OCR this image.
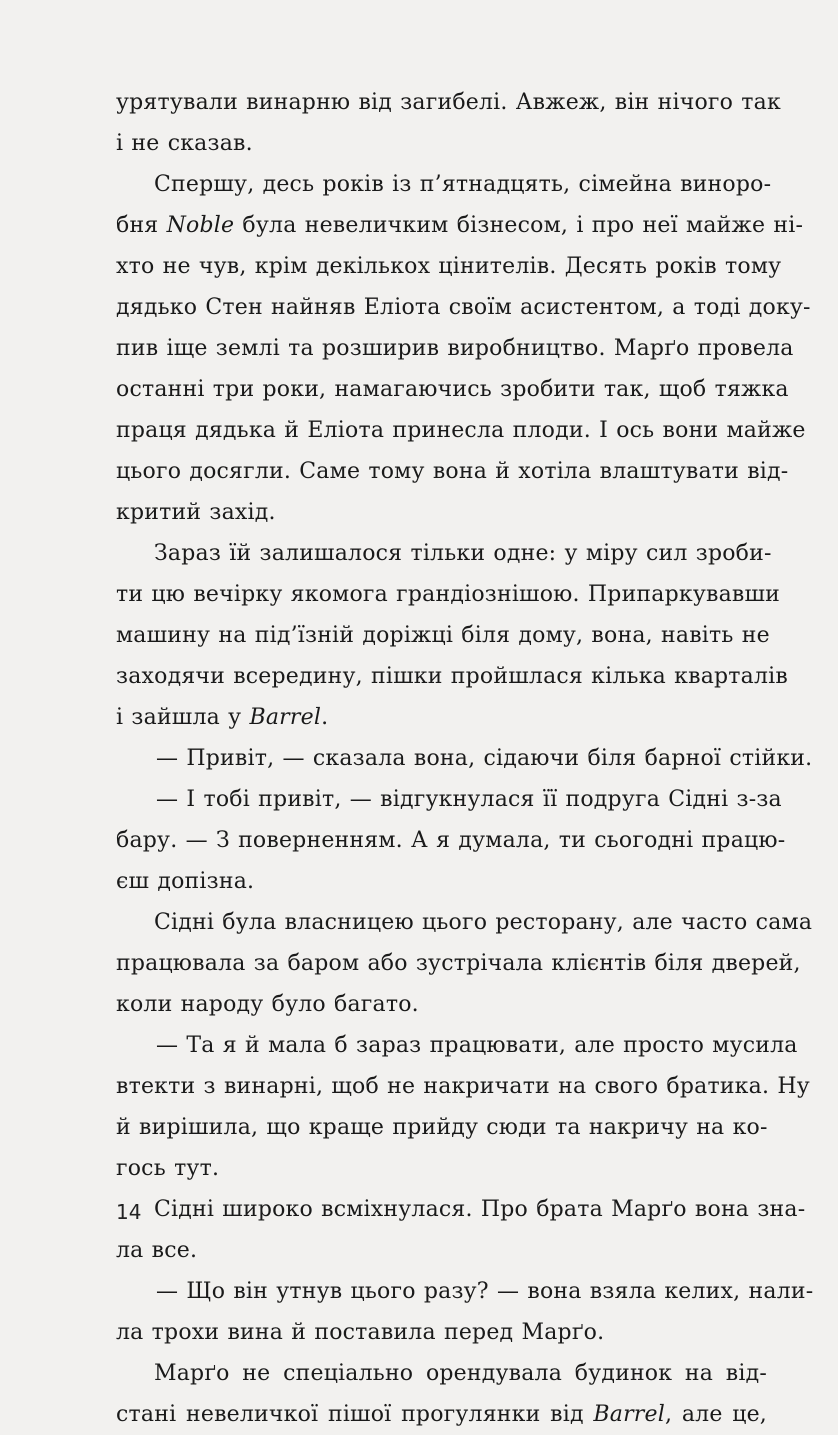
урятували винарню від загибелі. Авжеж, він нічого так
і не сказав.
Спершу, десь років із п’ятнадцять, сімейна виноро-
бня Noble була невеличким бізнесом, і про неї майже ні-
хто не чув, крім декількох цінителів. Десять років тому
дядько Стен найняв Еліота своїм асистентом, а тоді доку-
пив іще землі та розширив виробництво. Марґо провела
останні три роки, намагаючись зробити так, щоб тяжка
праця дядька й Еліота принесла плоди. І ось вони майже
цього досягли. Саме тому вона й хотіла влаштувати від-
критий захід.
Зараз їй залишалося тільки одне: у міру сил зроби-
ти цю вечірку якомога грандіознішою. Припаркувавши
машину на під’їзній доріжці біля дому, вона, навіть не
заходячи всередину, пішки пройшлася кілька кварталів
і зайшла у Barrel.
— Привіт, — сказала вона, сідаючи біля барної стійки.
— І тобі привіт, — відгукнулася її подруга Сідні з-за
бару. — З поверненням. А я думала, ти сьогодні працю-
єш допізна.
Сідні була власницею цього ресторану, але часто сама
працювала за баром або зустрічала клієнтів біля дверей,
коли народу було багато.
— Та я й мала б зараз працювати, але просто мусила
втекти з винарні, щоб не накричати на свого братика. Ну
й вирішила, що краще прийду сюди та накричу на ко-
гось тут.
Сідні широко всміхнулася. Про брата Марґо вона зна-
ла все.
— Що він утнув цього разу? — вона взяла келих, нали-
ла трохи вина й поставила перед Марґо.
Марґо не спеціально орендувала будинок на від-
стані невеличкої пішої прогулянки від Barrel, але це,
14
